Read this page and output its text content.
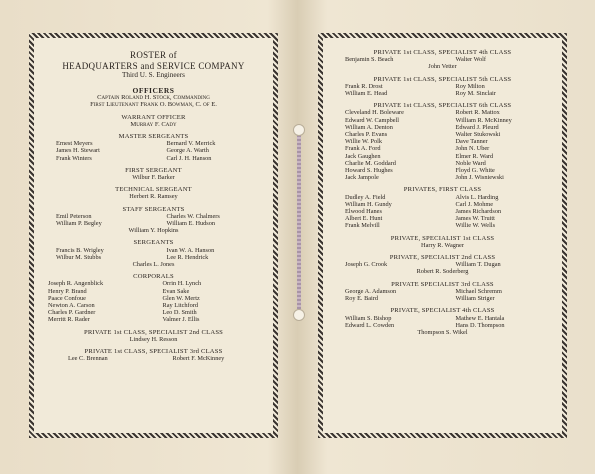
ROSTER of
HEADQUARTERS and SERVICE COMPANY
Third U. S. Engineers
OFFICERS
Captain Roland H. Stock, Commanding
First Lieutenant Frank O. Bowman, C. of E.
WARRANT OFFICER
Murray F. Cady
MASTER SERGEANTS
Ernest Meyers	Bernard V. Merrick
James H. Stewart	George A. Warth
Frank Winters	Carl J. H. Hanson
FIRST SERGEANT
Wilbur F. Barker
TECHNICAL SERGEANT
Herbert R. Ramsey
STAFF SERGEANTS
Emil Peterson	Charles W. Chalmers
William P. Begley	William E. Hudson
William Y. Hopkins
SERGEANTS
Francis B. Wrigley	Ivan W. A. Hanson
Wilbur M. Stubbs	Lee R. Hendrick
Charles L. Jones
CORPORALS
Joseph R. Angenblick	Orrin H. Lynch
Henry P. Brand	Evan Sake
Paace Confoue	Glen W. Mertz
Newton A. Carson	Ray Litchford
Charles P. Gardner	Leo D. Smith
Merritt R. Rader	Valmer J. Ellis
PRIVATE 1st CLASS, SPECIALIST 2nd CLASS
Lindsey H. Resson
PRIVATE 1st CLASS, SPECIALIST 3rd CLASS
Lee C. Brennan	Robert F. McKinney
PRIVATE 1st CLASS, SPECIALIST 4th CLASS
Benjamin S. Beach	Walter Wolf
John Vetter
PRIVATE 1st CLASS, SPECIALIST 5th CLASS
Frank R. Drost	Roy Milton
William E. Head	Roy M. Sinclair
PRIVATE 1st CLASS, SPECIALIST 6th CLASS
Cleveland H. Boleware	Robert R. Mattox
Edward W. Campbell	William R. McKinney
William A. Denton	Edward J. Pleurd
Charles P. Evans	Walter Stukowski
Willie W. Polk	Dave Tanner
Frank A. Ford	John N. Uber
Jack Gaughen	Elmer R. Ward
Charlie M. Goddard	Noble Ward
Howard S. Hughes	Floyd G. White
Jack Jampole	John J. Wisniewski
PRIVATES, FIRST CLASS
Dudley A. Field	Alvis L. Harding
William H. Gundy	Carl J. Mohme
Elwood Hanes	James Richardson
Albert E. Hunt	James W. Truitt
Frank Melvill	Willie W. Wells
PRIVATE, SPECIALIST 1st CLASS
Harry R. Wagner
PRIVATE, SPECIALIST 2nd CLASS
Joseph G. Crook	William T. Dugan
Robert R. Soderberg
PRIVATE SPECIALIST 3rd CLASS
George A. Adamson	Michael Schremm
Roy E. Baird	William Striger
PRIVATE, SPECIALIST 4th CLASS
William S. Bishop	Mathew E. Hantala
Edward L. Cowden	Hans D. Thompson
Thompson S. Wikel
